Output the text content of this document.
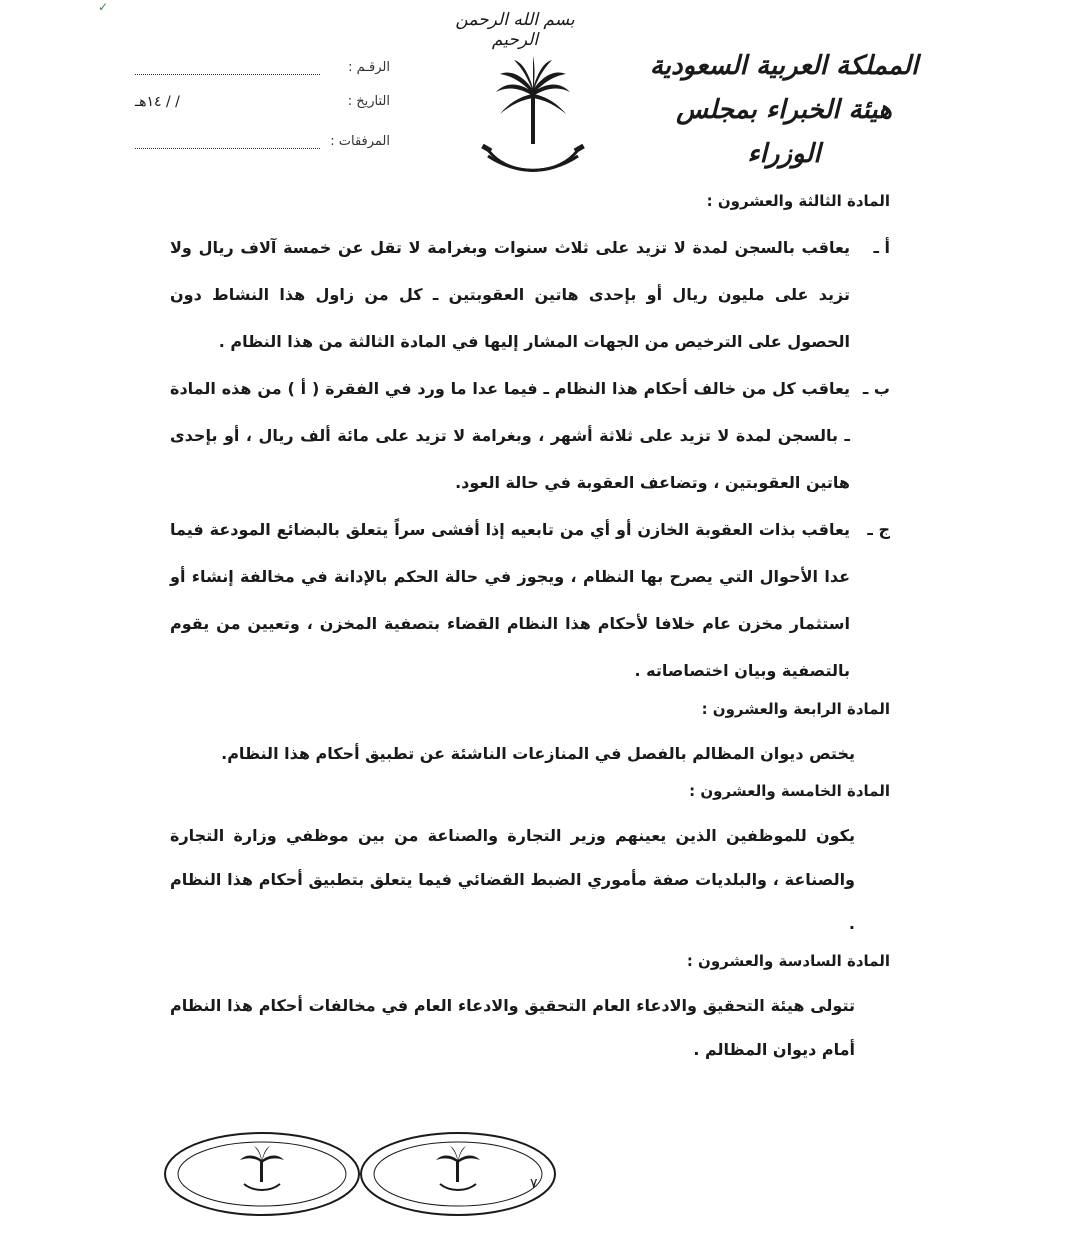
✓
بسم الله الرحمن الرحيم
المملكة العربية السعودية
هيئة الخبراء بمجلس الوزراء
الرقـم :
التاريخ :
/ / ١٤هـ
المرفقات :

المادة الثالثة والعشرون :

أ ـ
يعاقب بالسجن لمدة لا تزيد على ثلاث سنوات وبغرامة لا تقل عن خمسة آلاف ريال ولا تزيد على مليون ريال أو بإحدى هاتين العقوبتين ـ كل من زاول هذا النشاط دون الحصول على الترخيص من الجهات المشار إليها في المادة الثالثة من هذا النظام .
ب ـ
يعاقب كل من خالف أحكام هذا النظام ـ فيما عدا ما ورد في الفقرة ( أ ) من هذه المادة ـ بالسجن لمدة لا تزيد على ثلاثة أشهر ، وبغرامة لا تزيد على مائة ألف ريال ، أو بإحدى هاتين العقوبتين ، وتضاعف العقوبة في حالة العود.
ج ـ
يعاقب بذات العقوبة الخازن أو أي من تابعيه إذا أفشى سراً يتعلق بالبضائع المودعة فيما عدا الأحوال التي يصرح بها النظام ، ويجوز في حالة الحكم بالإدانة في مخالفة إنشاء أو استثمار مخزن عام خلافا لأحكام هذا النظام القضاء بتصفية المخزن ، وتعيين من يقوم بالتصفية وبيان اختصاصاته .

المادة الرابعة والعشرون :

يختص ديوان المظالم بالفصل في المنازعات الناشئة عن تطبيق أحكام هذا النظام.

المادة الخامسة والعشرون :

يكون للموظفين الذين يعينهم وزير التجارة والصناعة من بين موظفي وزارة التجارة والصناعة ، والبلديات صفة مأموري الضبط القضائي فيما يتعلق بتطبيق أحكام هذا النظام .

المادة السادسة والعشرون :

تتولى هيئة التحقيق والادعاء العام التحقيق والادعاء العام في مخالفات أحكام هذا النظام أمام ديوان المظالم .

٧
